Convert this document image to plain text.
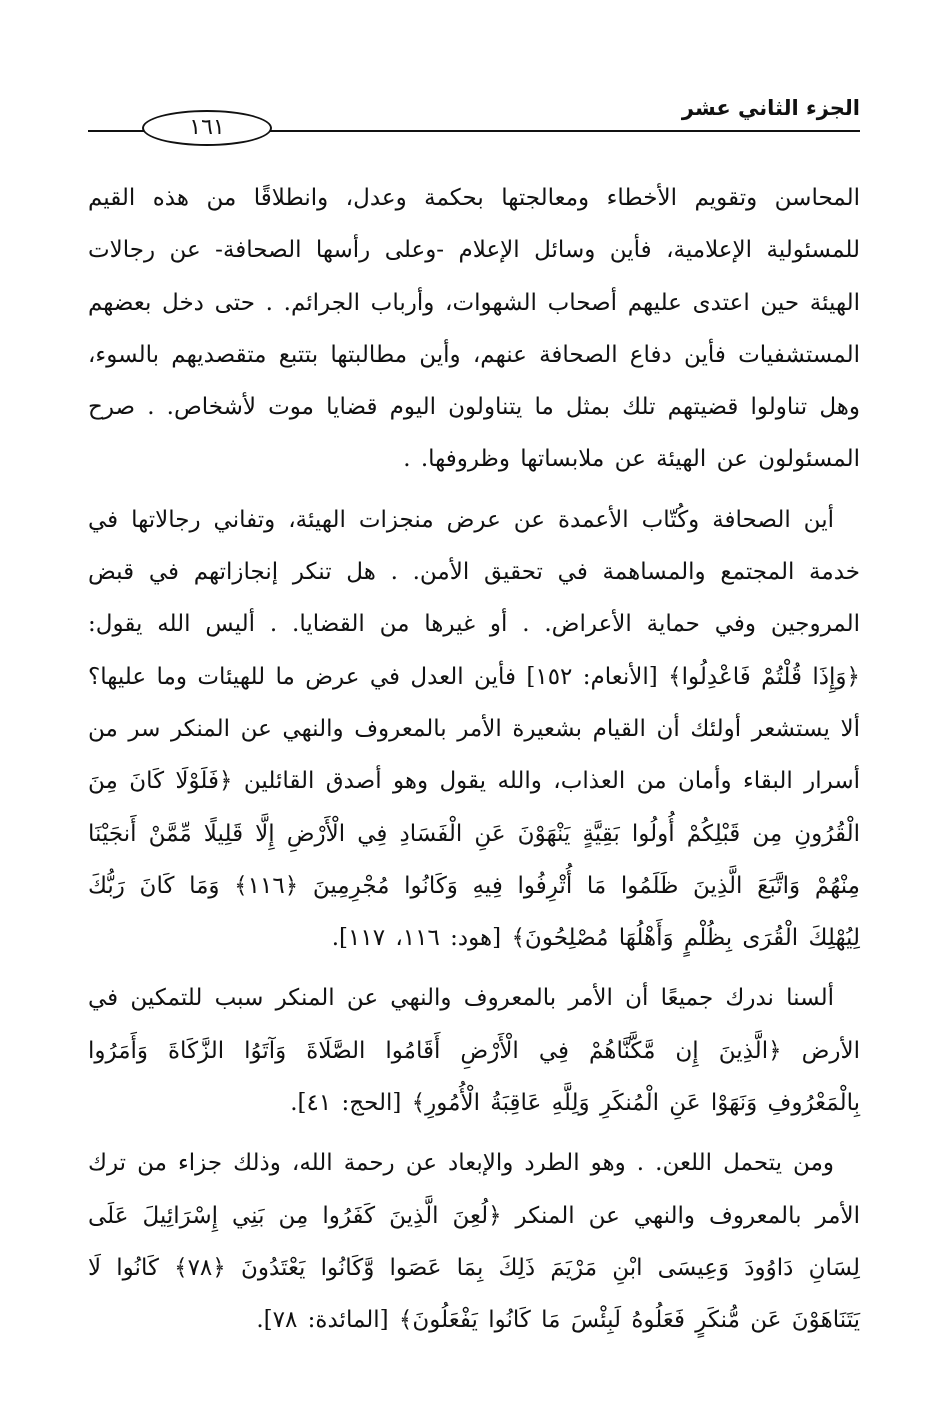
الجزء الثاني عشر
١٦١

المحاسن وتقويم الأخطاء ومعالجتها بحكمة وعدل، وانطلاقًا من هذه القيم للمسئولية الإعلامية، فأين وسائل الإعلام -وعلى رأسها الصحافة- عن رجالات الهيئة حين اعتدى عليهم أصحاب الشهوات، وأرباب الجرائم. . حتى دخل بعضهم المستشفيات فأين دفاع الصحافة عنهم، وأين مطالبتها بتتبع متقصديهم بالسوء، وهل تناولوا قضيتهم تلك بمثل ما يتناولون اليوم قضايا موت لأشخاص. . صرح المسئولون عن الهيئة عن ملابساتها وظروفها. .

أين الصحافة وكُتّاب الأعمدة عن عرض منجزات الهيئة، وتفاني رجالاتها في خدمة المجتمع والمساهمة في تحقيق الأمن. . هل تنكر إنجازاتهم في قبض المروجين وفي حماية الأعراض. . أو غيرها من القضايا. . أليس الله يقول: ﴿وَإِذَا قُلْتُمْ فَاعْدِلُوا﴾ [الأنعام: ١٥٢] فأين العدل في عرض ما للهيئات وما عليها؟ ألا يستشعر أولئك أن القيام بشعيرة الأمر بالمعروف والنهي عن المنكر سر من أسرار البقاء وأمان من العذاب، والله يقول وهو أصدق القائلين ﴿فَلَوْلَا كَانَ مِنَ الْقُرُونِ مِن قَبْلِكُمْ أُولُوا بَقِيَّةٍ يَنْهَوْنَ عَنِ الْفَسَادِ فِي الْأَرْضِ إِلَّا قَلِيلًا مِّمَّنْ أَنجَيْنَا مِنْهُمْ وَاتَّبَعَ الَّذِينَ ظَلَمُوا مَا أُتْرِفُوا فِيهِ وَكَانُوا مُجْرِمِينَ ﴿١١٦﴾ وَمَا كَانَ رَبُّكَ لِيُهْلِكَ الْقُرَى بِظُلْمٍ وَأَهْلُهَا مُصْلِحُونَ﴾ [هود: ١١٦، ١١٧].

ألسنا ندرك جميعًا أن الأمر بالمعروف والنهي عن المنكر سبب للتمكين في الأرض ﴿الَّذِينَ إِن مَّكَّنَّاهُمْ فِي الْأَرْضِ أَقَامُوا الصَّلَاةَ وَآتَوُا الزَّكَاةَ وَأَمَرُوا بِالْمَعْرُوفِ وَنَهَوْا عَنِ الْمُنكَرِ وَلِلَّهِ عَاقِبَةُ الْأُمُورِ﴾ [الحج: ٤١].

ومن يتحمل اللعن. . وهو الطرد والإبعاد عن رحمة الله، وذلك جزاء من ترك الأمر بالمعروف والنهي عن المنكر ﴿لُعِنَ الَّذِينَ كَفَرُوا مِن بَنِي إِسْرَائِيلَ عَلَى لِسَانِ دَاوُودَ وَعِيسَى ابْنِ مَرْيَمَ ذَلِكَ بِمَا عَصَوا وَّكَانُوا يَعْتَدُونَ ﴿٧٨﴾ كَانُوا لَا يَتَنَاهَوْنَ عَن مُّنكَرٍ فَعَلُوهُ لَبِئْسَ مَا كَانُوا يَفْعَلُونَ﴾ [المائدة: ٧٨].
